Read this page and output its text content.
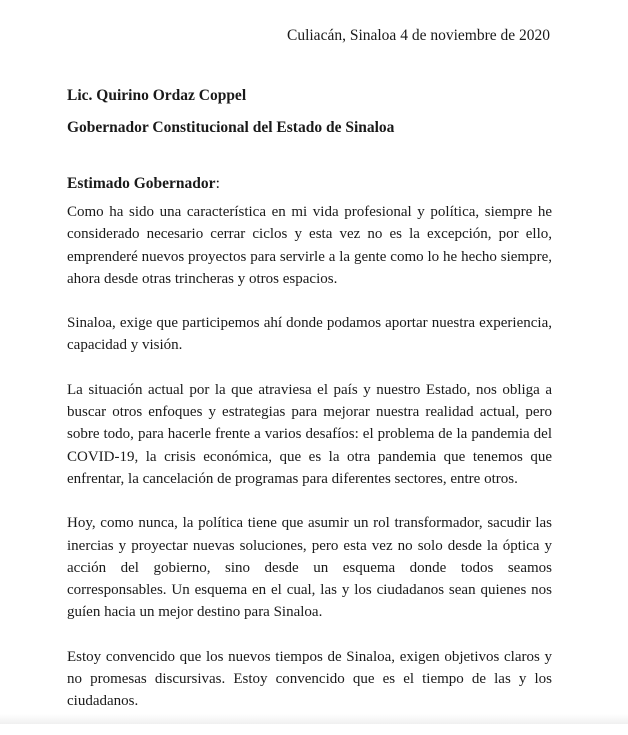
Culiacán, Sinaloa 4 de noviembre de 2020
Lic. Quirino Ordaz Coppel
Gobernador Constitucional del Estado de Sinaloa
Estimado Gobernador:

Como ha sido una característica en mi vida profesional y política, siempre he considerado necesario cerrar ciclos y esta vez no es la excepción, por ello, emprenderé nuevos proyectos para servirle a la gente como lo he hecho siempre, ahora desde otras trincheras y otros espacios.

Sinaloa, exige que participemos ahí donde podamos aportar nuestra experiencia, capacidad y visión.

La situación actual por la que atraviesa el país y nuestro Estado, nos obliga a buscar otros enfoques y estrategias para mejorar nuestra realidad actual, pero sobre todo, para hacerle frente a varios desafíos: el problema de la pandemia del COVID-19, la crisis económica, que es la otra pandemia que tenemos que enfrentar, la cancelación de programas para diferentes sectores, entre otros.

Hoy, como nunca, la política tiene que asumir un rol transformador, sacudir las inercias y proyectar nuevas soluciones, pero esta vez no solo desde la óptica y acción del gobierno, sino desde un esquema donde todos seamos corresponsables. Un esquema en el cual, las y los ciudadanos sean quienes nos guíen hacia un mejor destino para Sinaloa.

Estoy convencido que los nuevos tiempos de Sinaloa, exigen objetivos claros y no promesas discursivas. Estoy convencido que es el tiempo de las y los ciudadanos.
